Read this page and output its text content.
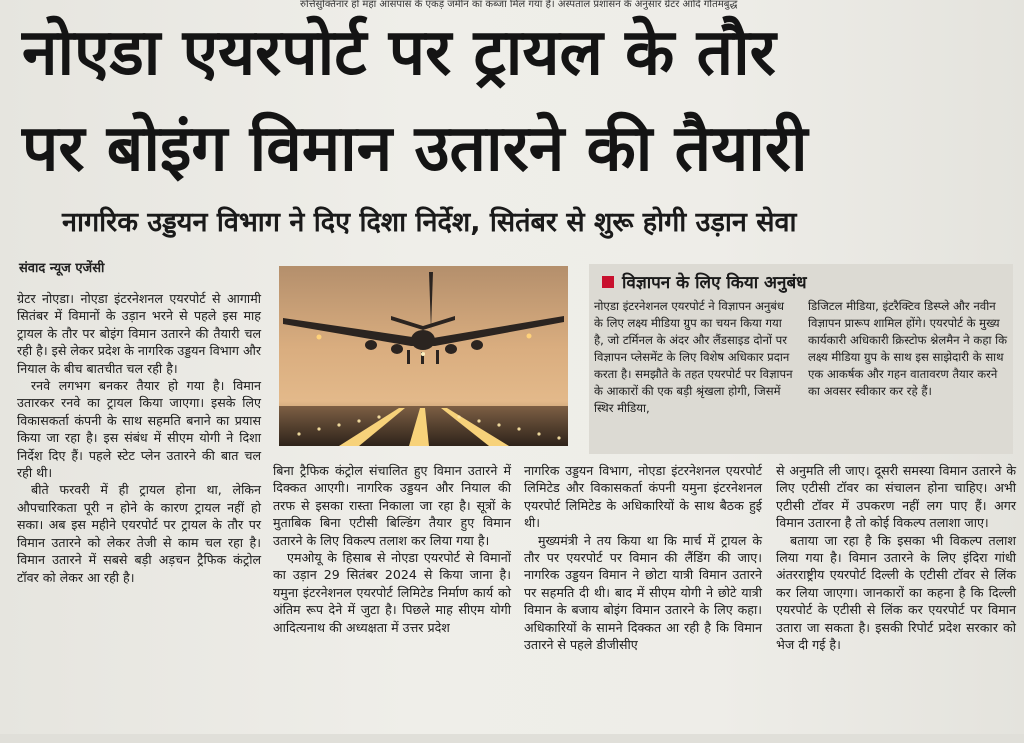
रुत्तिसुक्तिनार हो महा आसपास के एकड़ जमीन का कब्जा मिल गया है। अस्पताल प्रशासन के अनुसार ग्रेटर आदि गौतमबुद्ध
नोएडा एयरपोर्ट पर ट्रायल के तौर
पर बोइंग विमान उतारने की तैयारी
नागरिक उड्डयन विभाग ने दिए दिशा निर्देश, सितंबर से शुरू होगी उड़ान सेवा
संवाद न्यूज एजेंसी

ग्रेटर नोएडा। नोएडा इंटरनेशनल एयरपोर्ट से आगामी सितंबर में विमानों के उड़ान भरने से पहले इस माह ट्रायल के तौर पर बोइंग विमान उतारने की तैयारी चल रही है। इसे लेकर प्रदेश के नागरिक उड्डयन विभाग और नियाल के बीच बातचीत चल रही है।

रनवे लगभग बनकर तैयार हो गया है। विमान उतारकर रनवे का ट्रायल किया जाएगा। इसके लिए विकासकर्ता कंपनी के साथ सहमति बनाने का प्रयास किया जा रहा है। इस संबंध में सीएम योगी ने दिशा निर्देश दिए हैं। पहले स्टेट प्लेन उतारने की बात चल रही थी।

बीते फरवरी में ही ट्रायल होना था, लेकिन औपचारिकता पूरी न होने के कारण ट्रायल नहीं हो सका। अब इस महीने एयरपोर्ट पर ट्रायल के तौर पर विमान उतारने को लेकर तेजी से काम चल रहा है। विमान उतारने में सबसे बड़ी अड़चन ट्रैफिक कंट्रोल टॉवर को लेकर आ रही है।

विज्ञापन के लिए किया अनुबंध
नोएडा इंटरनेशनल एयरपोर्ट ने विज्ञापन अनुबंध के लिए लक्ष्य मीडिया ग्रुप का चयन किया गया है, जो टर्मिनल के अंदर और लैंडसाइड दोनों पर विज्ञापन प्लेसमेंट के लिए विशेष अधिकार प्रदान करता है। समझौते के तहत एयरपोर्ट पर विज्ञापन के आकारों की एक बड़ी श्रृंखला होगी, जिसमें स्थिर मीडिया,
डिजिटल मीडिया, इंटरैक्टिव डिस्प्ले और नवीन विज्ञापन प्रारूप शामिल होंगे। एयरपोर्ट के मुख्य कार्यकारी अधिकारी क्रिस्टोफ श्नेलमैन ने कहा कि लक्ष्य मीडिया ग्रुप के साथ इस साझेदारी के साथ एक आकर्षक और गहन वातावरण तैयार करने का अवसर स्वीकार कर रहे हैं।

बिना ट्रैफिक कंट्रोल संचालित हुए विमान उतारने में दिक्कत आएगी। नागरिक उड्डयन और नियाल की तरफ से इसका रास्ता निकाला जा रहा है। सूत्रों के मुताबिक बिना एटीसी बिल्डिंग तैयार हुए विमान उतारने के लिए विकल्प तलाश कर लिया गया है।

एमओयू के हिसाब से नोएडा एयरपोर्ट से विमानों का उड़ान 29 सितंबर 2024 से किया जाना है। यमुना इंटरनेशनल एयरपोर्ट लिमिटेड निर्माण कार्य को अंतिम रूप देने में जुटा है। पिछले माह सीएम योगी आदित्यनाथ की अध्यक्षता में उत्तर प्रदेश

नागरिक उड्डयन विभाग, नोएडा इंटरनेशनल एयरपोर्ट लिमिटेड और विकासकर्ता कंपनी यमुना इंटरनेशनल एयरपोर्ट लिमिटेड के अधिकारियों के साथ बैठक हुई थी।

मुख्यमंत्री ने तय किया था कि मार्च में ट्रायल के तौर पर एयरपोर्ट पर विमान की लैंडिंग की जाए। नागरिक उड्डयन विमान ने छोटा यात्री विमान उतारने पर सहमति दी थी। बाद में सीएम योगी ने छोटे यात्री विमान के बजाय बोइंग विमान उतारने के लिए कहा। अधिकारियों के सामने दिक्कत आ रही है कि विमान उतारने से पहले डीजीसीए

से अनुमति ली जाए। दूसरी समस्या विमान उतारने के लिए एटीसी टॉवर का संचालन होना चाहिए। अभी एटीसी टॉवर में उपकरण नहीं लग पाए हैं। अगर विमान उतारना है तो कोई विकल्प तलाशा जाए।

बताया जा रहा है कि इसका भी विकल्प तलाश लिया गया है। विमान उतारने के लिए इंदिरा गांधी अंतरराष्ट्रीय एयरपोर्ट दिल्ली के एटीसी टॉवर से लिंक कर लिया जाएगा। जानकारों का कहना है कि दिल्ली एयरपोर्ट के एटीसी से लिंक कर एयरपोर्ट पर विमान उतारा जा सकता है। इसकी रिपोर्ट प्रदेश सरकार को भेज दी गई है।
